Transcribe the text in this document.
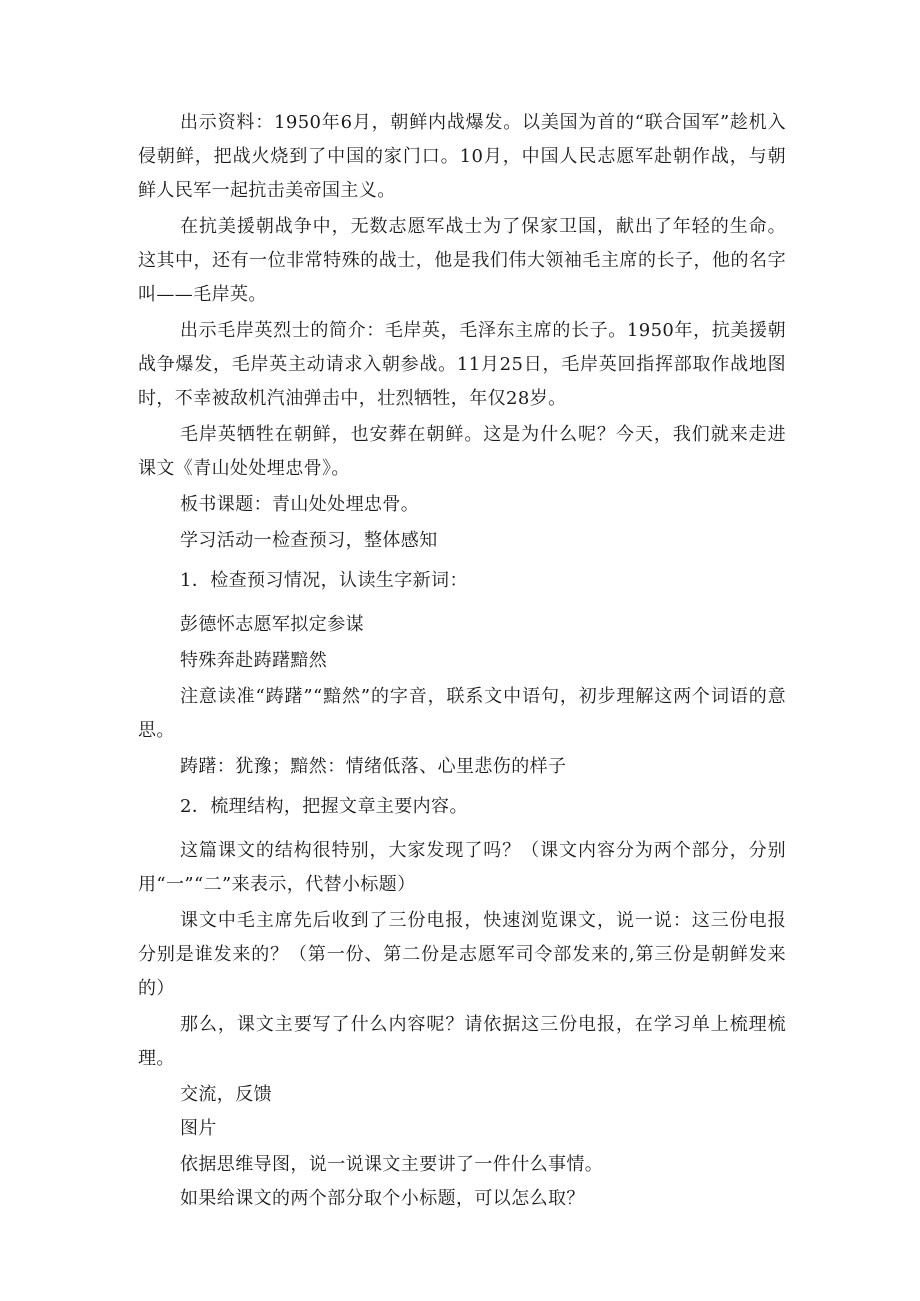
出示资料：1950年6月，朝鲜内战爆发。以美国为首的“联合国军”趁机入侵朝鲜，把战火烧到了中国的家门口。10月，中国人民志愿军赴朝作战，与朝鲜人民军一起抗击美帝国主义。

在抗美援朝战争中，无数志愿军战士为了保家卫国，献出了年轻的生命。这其中，还有一位非常特殊的战士，他是我们伟大领袖毛主席的长子，他的名字叫——毛岸英。

出示毛岸英烈士的简介：毛岸英，毛泽东主席的长子。1950年，抗美援朝战争爆发，毛岸英主动请求入朝参战。11月25日，毛岸英回指挥部取作战地图时，不幸被敌机汽油弹击中，壮烈牺牲，年仅28岁。

毛岸英牺牲在朝鲜，也安葬在朝鲜。这是为什么呢？今天，我们就来走进课文《青山处处埋忠骨》。

板书课题：青山处处埋忠骨。

学习活动一检查预习，整体感知

1．检查预习情况，认读生字新词：

彭德怀志愿军拟定参谋

特殊奔赴踌躇黯然

注意读准“踌躇”“黯然”的字音，联系文中语句，初步理解这两个词语的意思。

踌躇：犹豫；黯然：情绪低落、心里悲伤的样子

2．梳理结构，把握文章主要内容。

这篇课文的结构很特别，大家发现了吗？（课文内容分为两个部分，分别用“一”“二”来表示，代替小标题）

课文中毛主席先后收到了三份电报，快速浏览课文，说一说：这三份电报分别是谁发来的？（第一份、第二份是志愿军司令部发来的,第三份是朝鲜发来的）

那么，课文主要写了什么内容呢？请依据这三份电报，在学习单上梳理梳理。

交流，反馈

图片

依据思维导图，说一说课文主要讲了一件什么事情。

如果给课文的两个部分取个小标题，可以怎么取？
